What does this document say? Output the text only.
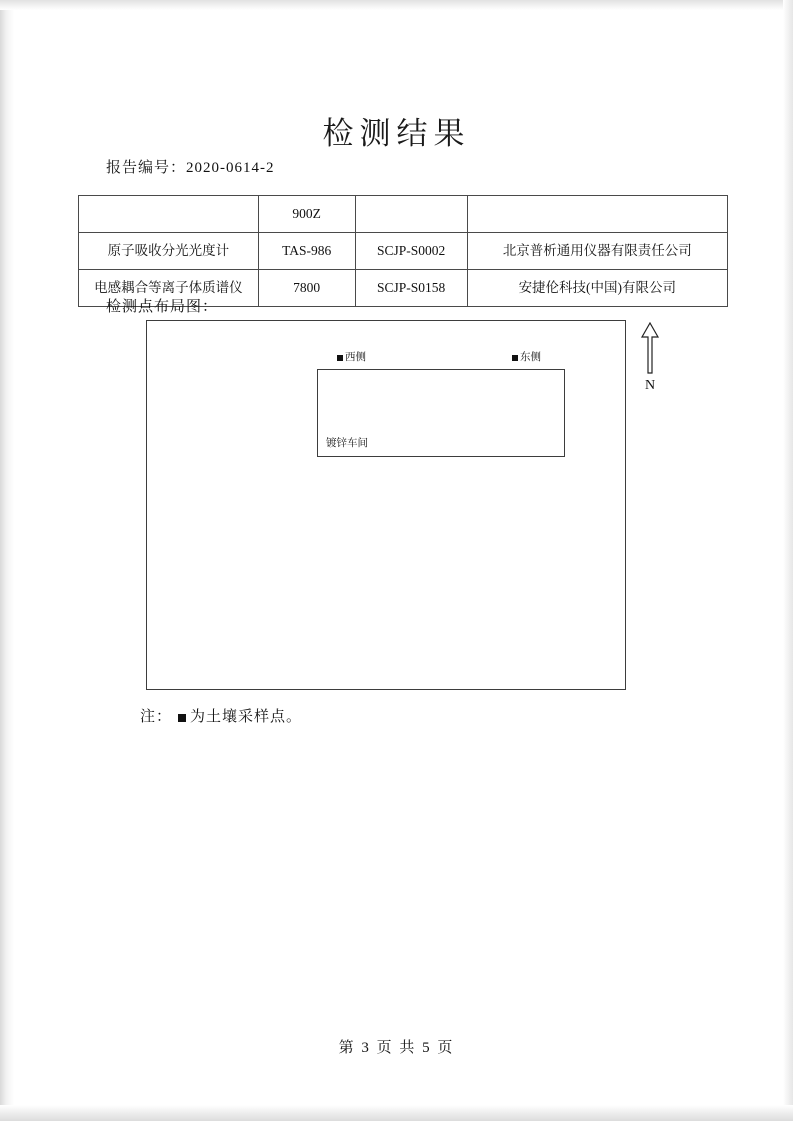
检测结果
报告编号：2020-0614-2
	900Z		
原子吸收分光光度计	TAS-986	SCJP-S0002	北京普析通用仪器有限责任公司
电感耦合等离子体质谱仪	7800	SCJP-S0158	安捷伦科技(中国)有限公司
检测点布局图：
西侧	东侧
镀锌车间
N
注： 为土壤采样点。
第 3 页 共 5 页
